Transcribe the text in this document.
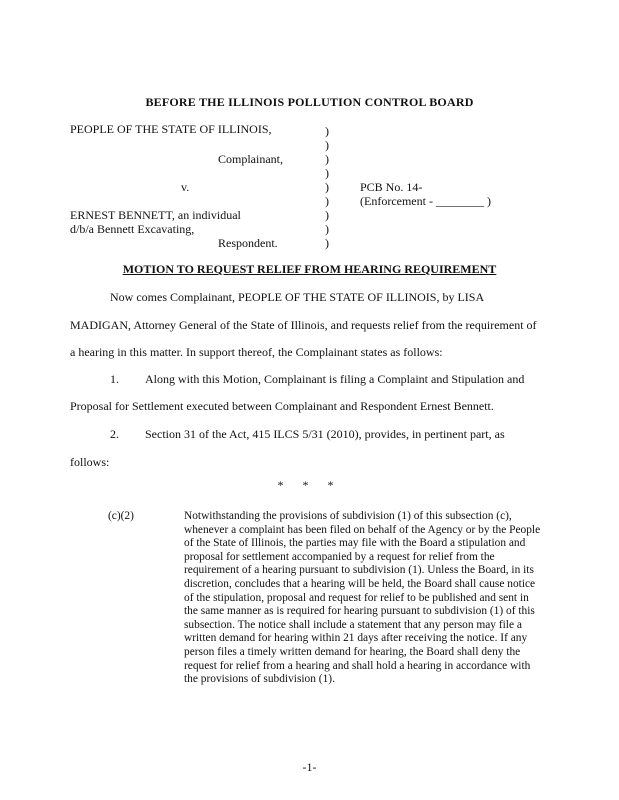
BEFORE THE ILLINOIS POLLUTION CONTROL BOARD
PEOPLE OF THE STATE OF ILLINOIS,
Complainant,
v.
ERNEST BENNETT, an individual
d/b/a Bennett Excavating,
Respondent.
)
)
)
)
)
)
)
)
)
PCB No. 14-
(Enforcement - ________ )
MOTION TO REQUEST RELIEF FROM HEARING REQUIREMENT
Now comes Complainant, PEOPLE OF THE STATE OF ILLINOIS, by LISA
MADIGAN, Attorney General of the State of Illinois, and requests relief from the requirement of
a hearing in this matter. In support thereof, the Complainant states as follows:
1. Along with this Motion, Complainant is filing a Complaint and Stipulation and
Proposal for Settlement executed between Complainant and Respondent Ernest Bennett.
2. Section 31 of the Act, 415 ILCS 5/31 (2010), provides, in pertinent part, as
follows:
* * *
(c)(2)	Notwithstanding the provisions of subdivision (1) of this subsection (c), whenever a complaint has been filed on behalf of the Agency or by the People of the State of Illinois, the parties may file with the Board a stipulation and proposal for settlement accompanied by a request for relief from the requirement of a hearing pursuant to subdivision (1). Unless the Board, in its discretion, concludes that a hearing will be held, the Board shall cause notice of the stipulation, proposal and request for relief to be published and sent in the same manner as is required for hearing pursuant to subdivision (1) of this subsection. The notice shall include a statement that any person may file a written demand for hearing within 21 days after receiving the notice. If any person files a timely written demand for hearing, the Board shall deny the request for relief from a hearing and shall hold a hearing in accordance with the provisions of subdivision (1).
-1-
